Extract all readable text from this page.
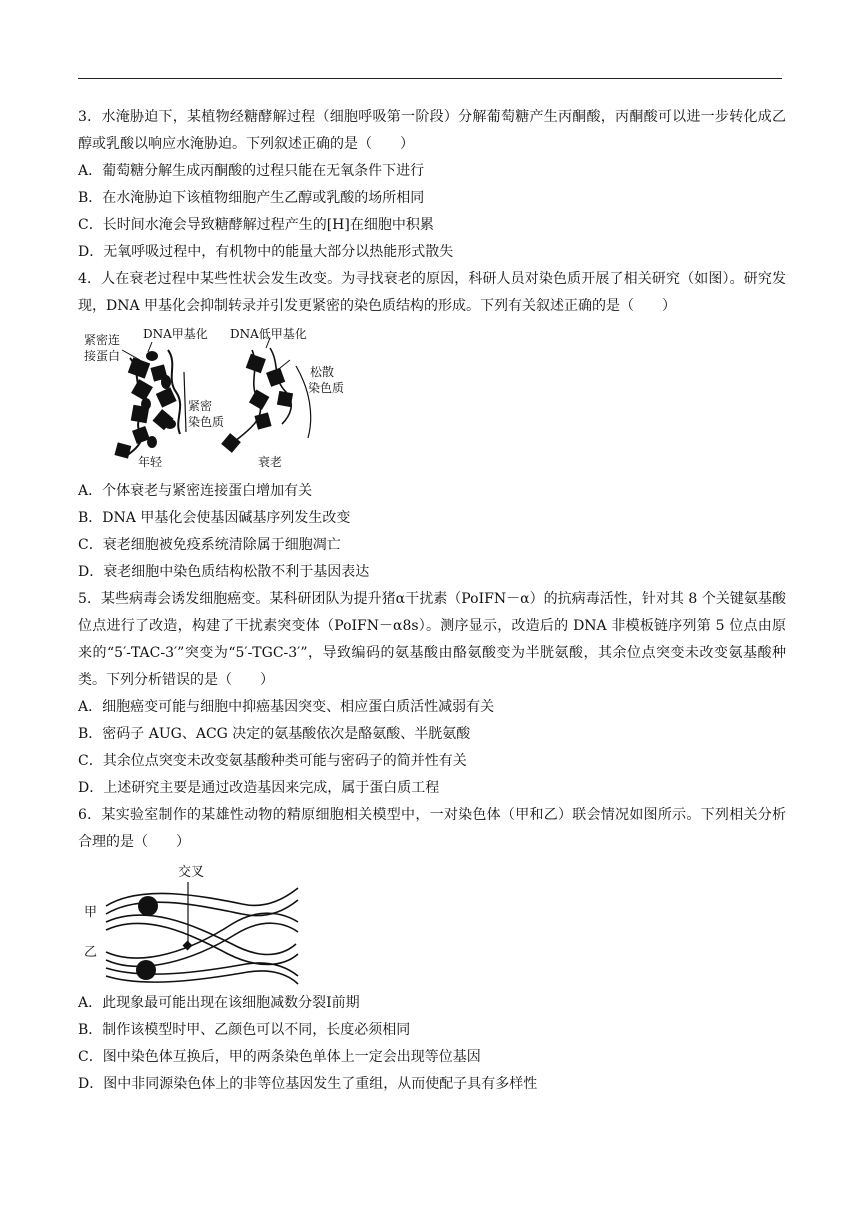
3．水淹胁迫下，某植物经糖酵解过程（细胞呼吸第一阶段）分解葡萄糖产生丙酮酸，丙酮酸可以进一步转化成乙醇或乳酸以响应水淹胁迫。下列叙述正确的是（　　）
A．葡萄糖分解生成丙酮酸的过程只能在无氧条件下进行
B．在水淹胁迫下该植物细胞产生乙醇或乳酸的场所相同
C．长时间水淹会导致糖酵解过程产生的[H]在细胞中积累
D．无氧呼吸过程中，有机物中的能量大部分以热能形式散失
4．人在衰老过程中某些性状会发生改变。为寻找衰老的原因，科研人员对染色质开展了相关研究（如图）。研究发现，DNA 甲基化会抑制转录并引发更紧密的染色质结构的形成。下列有关叙述正确的是（　　）
DNA甲基化
紧密连
接蛋白
紧密
染色质
年轻
DNA低甲基化
松散
染色质
衰老
A．个体衰老与紧密连接蛋白增加有关
B．DNA 甲基化会使基因碱基序列发生改变
C．衰老细胞被免疫系统清除属于细胞凋亡
D．衰老细胞中染色质结构松散不利于基因表达
5．某些病毒会诱发细胞癌变。某科研团队为提升猪α干扰素（PoIFN－α）的抗病毒活性，针对其 8 个关键氨基酸位点进行了改造，构建了干扰素突变体（PoIFN－α8s）。测序显示，改造后的 DNA 非模板链序列第 5 位点由原来的“5′-TAC-3′”突变为“5′-TGC-3′”，导致编码的氨基酸由酪氨酸变为半胱氨酸，其余位点突变未改变氨基酸种类。下列分析错误的是（　　）
A．细胞癌变可能与细胞中抑癌基因突变、相应蛋白质活性减弱有关
B．密码子 AUG、ACG 决定的氨基酸依次是酪氨酸、半胱氨酸
C．其余位点突变未改变氨基酸种类可能与密码子的简并性有关
D．上述研究主要是通过改造基因来完成，属于蛋白质工程
6．某实验室制作的某雄性动物的精原细胞相关模型中，一对染色体（甲和乙）联会情况如图所示。下列相关分析合理的是（　　）
交叉
甲
乙
A．此现象最可能出现在该细胞减数分裂Ⅰ前期
B．制作该模型时甲、乙颜色可以不同，长度必须相同
C．图中染色体互换后，甲的两条染色单体上一定会出现等位基因
D．图中非同源染色体上的非等位基因发生了重组，从而使配子具有多样性
